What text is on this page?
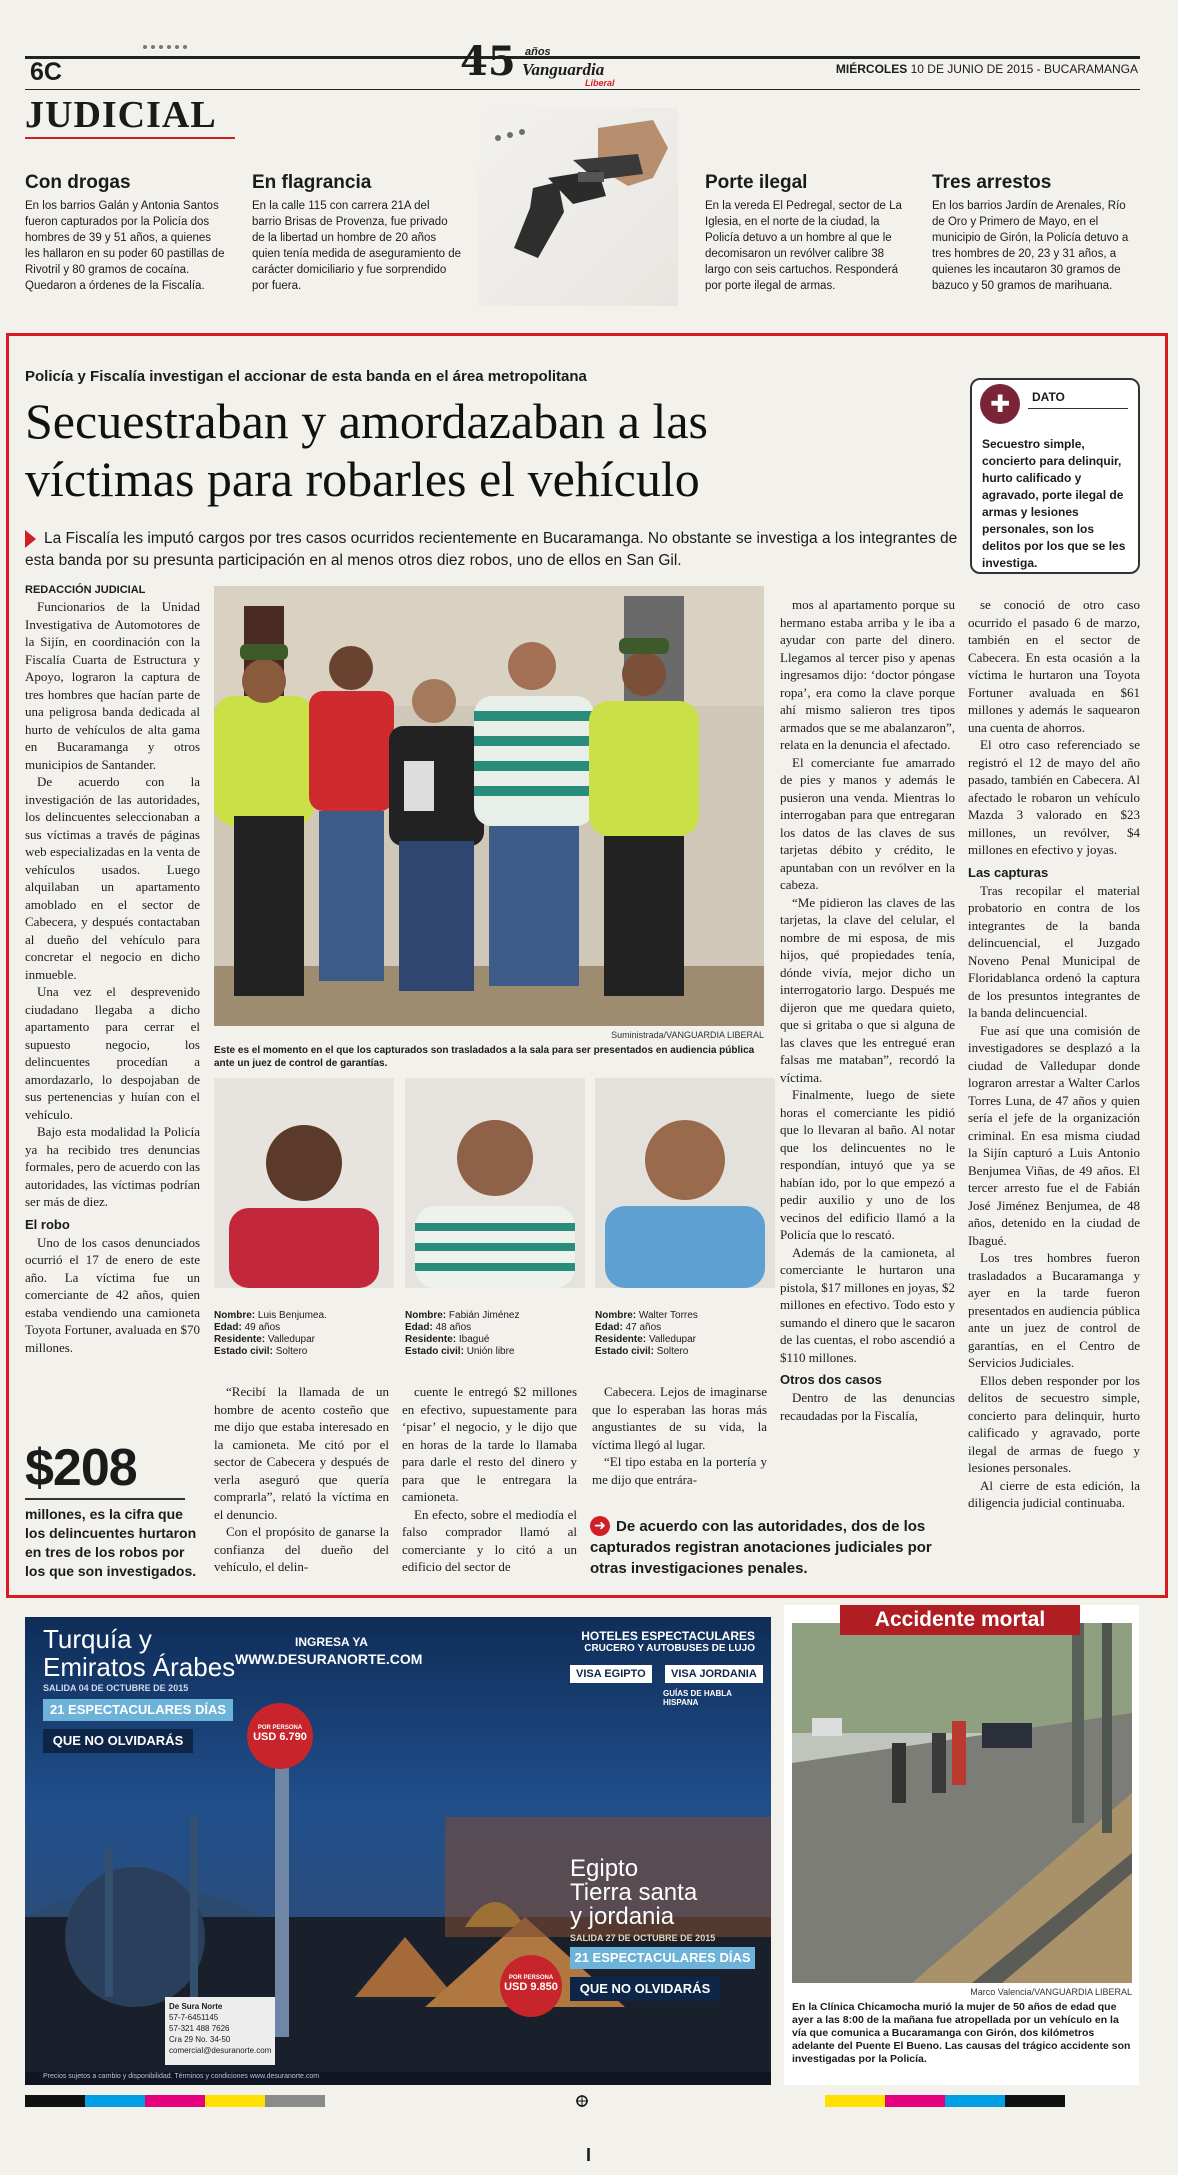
6C	45 años
Vanguardia
Liberal
MIÉRCOLES 10 DE JUNIO DE 2015 - BUCARAMANGA
JUDICIAL
Con drogas

En los barrios Galán y Antonia Santos fueron capturados por la Policía dos hombres de 39 y 51 años, a quienes les hallaron en su poder 60 pastillas de Rivotril y 80 gramos de cocaína. Quedaron a órdenes de la Fiscalía.

En flagrancia

En la calle 115 con carrera 21A del barrio Brisas de Provenza, fue privado de la libertad un hombre de 20 años quien tenía medida de aseguramiento de carácter domiciliario y fue sorprendido por fuera.

Porte ilegal

En la vereda El Pedregal, sector de La Iglesia, en el norte de la ciudad, la Policía detuvo a un hombre al que le decomisaron un revólver calibre 38 largo con seis cartuchos. Responderá por porte ilegal de armas.

Tres arrestos

En los barrios Jardín de Arenales, Río de Oro y Primero de Mayo, en el municipio de Girón, la Policía detuvo a tres hombres de 20, 23 y 31 años, a quienes les incautaron 30 gramos de bazuco y 50 gramos de marihuana.

Policía y Fiscalía investigan el accionar de esta banda en el área metropolitana
Secuestraban y amordazaban a las
víctimas para robarles el vehículo
La Fiscalía les imputó cargos por tres casos ocurridos recientemente en Bucaramanga. No obstante se investiga a los integrantes de esta banda por su presunta participación en al menos otros diez robos, uno de ellos en San Gil.
✚	DATO
Secuestro simple, concierto para delinquir, hurto calificado y agravado, porte ilegal de armas y lesiones personales, son los delitos por los que se les investiga.
REDACCIÓN JUDICIAL

Funcionarios de la Unidad Investigativa de Automotores de la Sijín, en coordinación con la Fiscalía Cuarta de Estructura y Apoyo, lograron la captura de tres hombres que hacían parte de una peligrosa banda dedicada al hurto de vehículos de alta gama en Bucaramanga y otros municipios de Santander.

De acuerdo con la investigación de las autoridades, los delincuentes seleccionaban a sus víctimas a través de páginas web especializadas en la venta de vehículos usados. Luego alquilaban un apartamento amoblado en el sector de Cabecera, y después contactaban al dueño del vehículo para concretar el negocio en dicho inmueble.

Una vez el desprevenido ciudadano llegaba a dicho apartamento para cerrar el supuesto negocio, los delincuentes procedían a amordazarlo, lo despojaban de sus pertenencias y huían con el vehículo.

Bajo esta modalidad la Policía ya ha recibido tres denuncias formales, pero de acuerdo con las autoridades, las víctimas podrían ser más de diez.

El robo

Uno de los casos denunciados ocurrió el 17 de enero de este año. La víctima fue un comerciante de 42 años, quien estaba vendiendo una camioneta Toyota Fortuner, avaluada en $70 millones.

Suministrada/VANGUARDIA LIBERAL
Este es el momento en el que los capturados son trasladados a la sala para ser presentados en audiencia pública ante un juez de control de garantías.
Nombre: Luis Benjumea.
Edad: 49 años
Residente: Valledupar
Estado civil: Soltero
Nombre: Fabián Jiménez
Edad: 48 años
Residente: Ibagué
Estado civil: Unión libre
Nombre: Walter Torres
Edad: 47 años
Residente: Valledupar
Estado civil: Soltero

“Recibí la llamada de un hombre de acento costeño que me dijo que estaba interesado en la camioneta. Me citó por el sector de Cabecera y después de verla aseguró que quería comprarla”, relató la víctima en el denuncio.

Con el propósito de ganarse la confianza del dueño del vehículo, el delin-

cuente le entregó $2 millones en efectivo, supuestamente para ‘pisar’ el negocio, y le dijo que en horas de la tarde lo llamaba para darle el resto del dinero y para que le entregara la camioneta.

En efecto, sobre el mediodía el falso comprador llamó al comerciante y lo citó a un edificio del sector de

Cabecera. Lejos de imaginarse que lo esperaban las horas más angustiantes de su vida, la víctima llegó al lugar.

“El tipo estaba en la portería y me dijo que entrára-

$208
millones, es la cifra que los delincuentes hurtaron en tres de los robos por los que son investigados.
➜ De acuerdo con las autoridades, dos de los capturados registran anotaciones judiciales por otras investigaciones penales.

mos al apartamento porque su hermano estaba arriba y le iba a ayudar con parte del dinero. Llegamos al tercer piso y apenas ingresamos dijo: ‘doctor póngase ropa’, era como la clave porque ahí mismo salieron tres tipos armados que se me abalanzaron”, relata en la denuncia el afectado.

El comerciante fue amarrado de pies y manos y además le pusieron una venda. Mientras lo interrogaban para que entregaran los datos de las claves de sus tarjetas débito y crédito, le apuntaban con un revólver en la cabeza.

“Me pidieron las claves de las tarjetas, la clave del celular, el nombre de mi esposa, de mis hijos, qué propiedades tenía, dónde vivía, mejor dicho un interrogatorio largo. Después me dijeron que me quedara quieto, que si gritaba o que si alguna de las claves que les entregué eran falsas me mataban”, recordó la víctima.

Finalmente, luego de siete horas el comerciante les pidió que lo llevaran al baño. Al notar que los delincuentes no le respondían, intuyó que ya se habían ido, por lo que empezó a pedir auxilio y uno de los vecinos del edificio llamó a la Policía que lo rescató.

Además de la camioneta, al comerciante le hurtaron una pistola, $17 millones en joyas, $2 millones en efectivo. Todo esto y sumando el dinero que le sacaron de las cuentas, el robo ascendió a $110 millones.

Otros dos casos

Dentro de las denuncias recaudadas por la Fiscalía,

se conoció de otro caso ocurrido el pasado 6 de marzo, también en el sector de Cabecera. En esta ocasión a la víctima le hurtaron una Toyota Fortuner avaluada en $61 millones y además le saquearon una cuenta de ahorros.

El otro caso referenciado se registró el 12 de mayo del año pasado, también en Cabecera. Al afectado le robaron un vehículo Mazda 3 valorado en $23 millones, un revólver, $4 millones en efectivo y joyas.

Las capturas

Tras recopilar el material probatorio en contra de los integrantes de la banda delincuencial, el Juzgado Noveno Penal Municipal de Floridablanca ordenó la captura de los presuntos integrantes de la banda delincuencial.

Fue así que una comisión de investigadores se desplazó a la ciudad de Valledupar donde lograron arrestar a Walter Carlos Torres Luna, de 47 años y quien sería el jefe de la organización criminal. En esa misma ciudad la Sijín capturó a Luis Antonio Benjumea Viñas, de 49 años. El tercer arresto fue el de Fabián José Jiménez Benjumea, de 48 años, detenido en la ciudad de Ibagué.

Los tres hombres fueron trasladados a Bucaramanga y ayer en la tarde fueron presentados en audiencia pública ante un juez de control de garantías, en el Centro de Servicios Judiciales.

Ellos deben responder por los delitos de secuestro simple, concierto para delinquir, hurto calificado y agravado, porte ilegal de armas de fuego y lesiones personales.

Al cierre de esta edición, la diligencia judicial continuaba.

Turquía y
Emiratos Árabes
SALIDA 04 DE OCTUBRE DE 2015
21 ESPECTACULARES DÍAS
QUE NO OLVIDARÁS
INGRESA YA
WWW.DESURANORTE.COM
POR PERSONA
USD 6.790
HOTELES ESPECTACULARES
CRUCERO Y AUTOBUSES DE LUJO
VISA EGIPTO	VISA JORDANIA
GUÍAS DE HABLA HISPANA
Egipto
Tierra santa
y jordania
SALIDA 27 DE OCTUBRE DE 2015
21 ESPECTACULARES DÍAS
QUE NO OLVIDARÁS
POR PERSONA
USD 9.850
De Sura Norte
57-7-6451145
57-321 488 7626
Cra 29 No. 34-50
comercial@desuranorte.com
Precios sujetos a cambio y disponibilidad. Términos y condiciones www.desuranorte.com
Marco Valencia/VANGUARDIA LIBERAL
En la Clínica Chicamocha murió la mujer de 50 años de edad que ayer a las 8:00 de la mañana fue atropellada por un vehículo en la vía que comunica a Bucaramanga con Girón, dos kilómetros adelante del Puente El Bueno. Las causas del trágico accidente son investigadas por la Policía.
Accidente mortal
I
